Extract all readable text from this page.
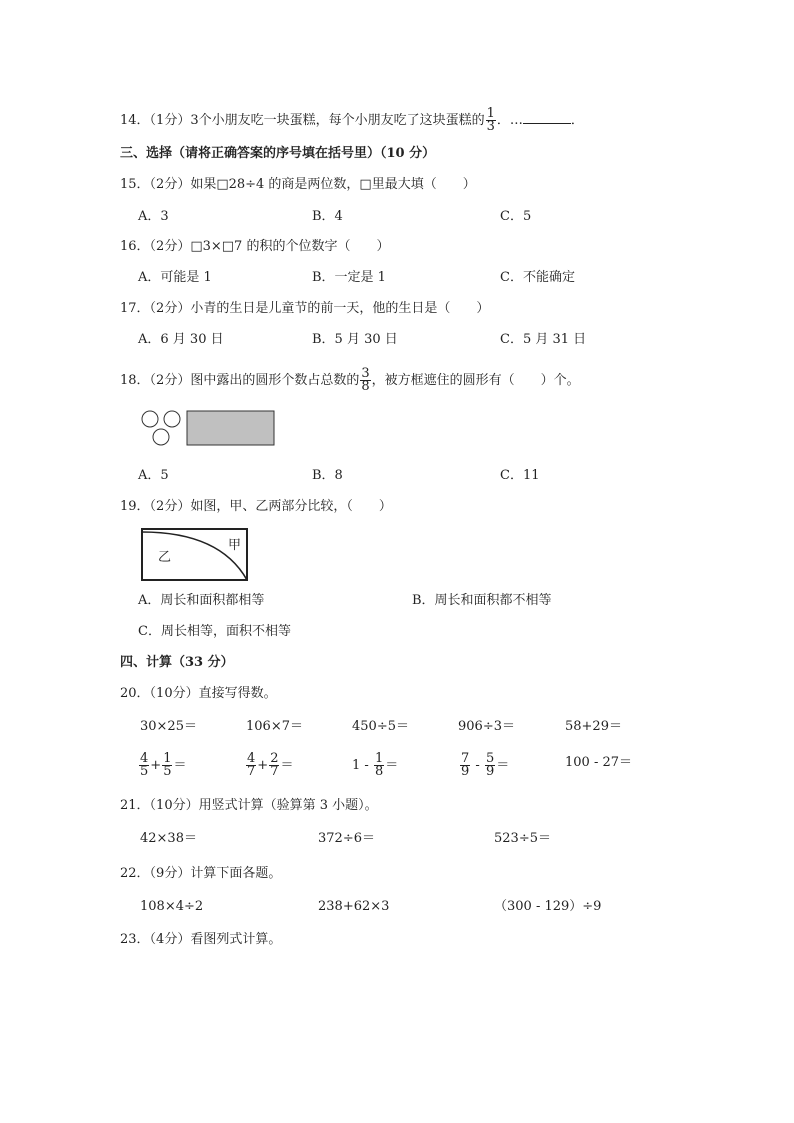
14．（1分）3个小朋友吃一块蛋糕，每个小朋友吃了这块蛋糕的 $\frac{1}{3}$ ．…	．
三、选择（请将正确答案的序号填在括号里）（10 分）
15．（2分）如果□28÷4 的商是两位数，□里最大填（　　）
A．3	B．4	C．5
16．（2分）□3×□7 的积的个位数字（　　）
A．可能是 1	B．一定是 1	C．不能确定
17．（2分）小青的生日是儿童节的前一天，他的生日是（　　）
A．6 月 30 日	B．5 月 30 日	C．5 月 31 日
18．（2分）图中露出的圆形个数占总数的 $\frac{3}{8}$ ，被方框遮住的圆形有（　　）个。
A．5	B．8	C．11
19．（2分）如图，甲、乙两部分比较，（　　）
乙
甲
A．周长和面积都相等	B．周长和面积都不相等
C．周长相等，面积不相等
四、计算（33 分）
20．（10分）直接写得数。
30×25＝	106×7＝	450÷5＝	906÷3＝	58+29＝
$\frac{4}{5} + \frac{1}{5}$ ＝	$\frac{4}{7} + \frac{2}{7}$ ＝	$1 - \frac{1}{8}$ ＝	$\frac{7}{9} - \frac{5}{9}$ ＝	100 - 27＝
21．（10分）用竖式计算（验算第 3 小题）。
42×38＝	372÷6＝	523÷5＝
22．（9分）计算下面各题。
108×4÷2	238+62×3	（300 - 129）÷9
23．（4分）看图列式计算。
